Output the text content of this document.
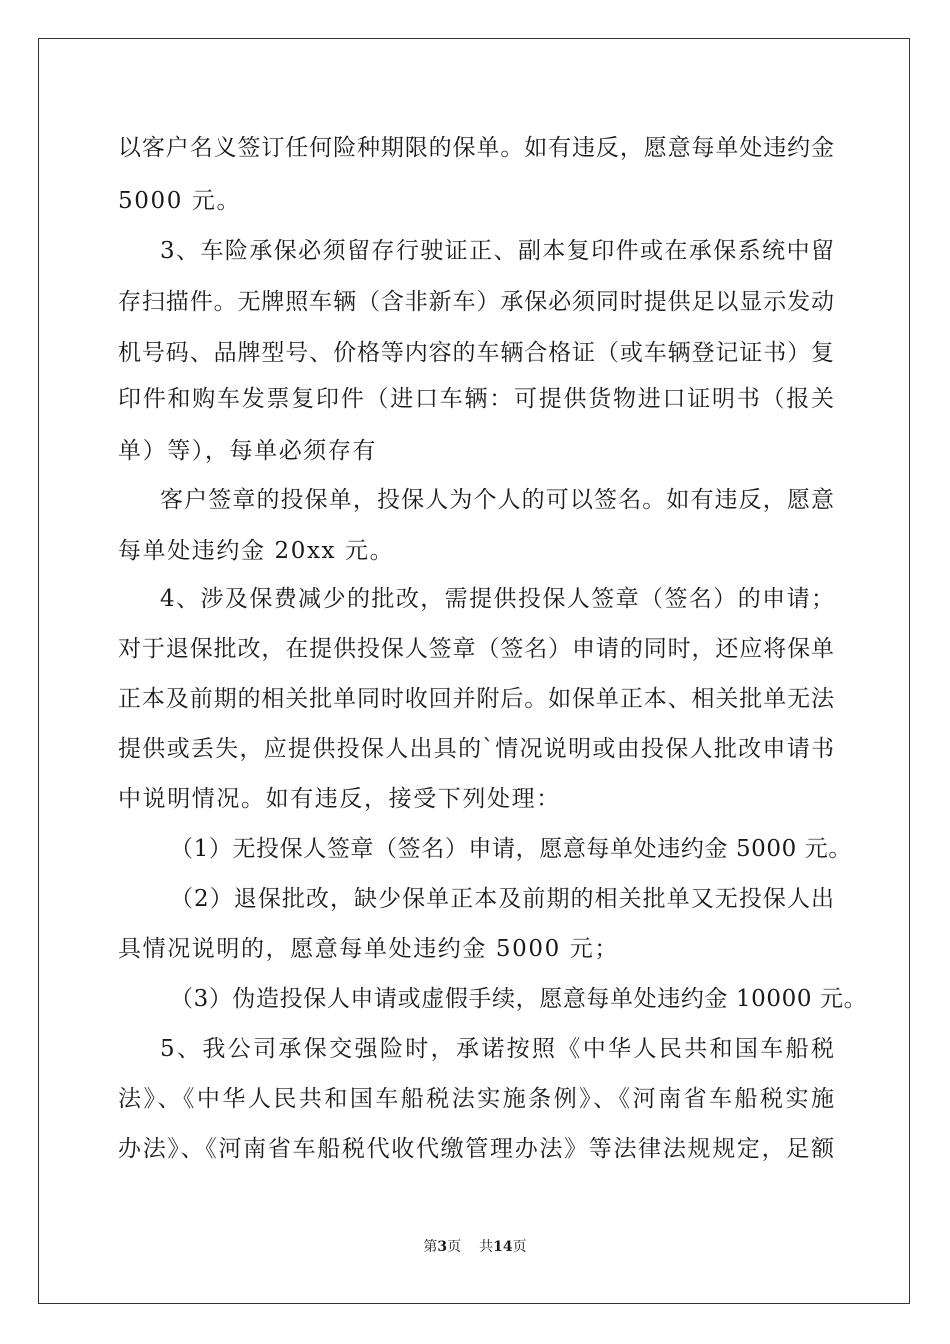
以客户名义签订任何险种期限的保单。如有违反，愿意每单处违约金
5000 元。
3、车险承保必须留存行驶证正、副本复印件或在承保系统中留
存扫描件。无牌照车辆（含非新车）承保必须同时提供足以显示发动
机号码、品牌型号、价格等内容的车辆合格证（或车辆登记证书）复
印件和购车发票复印件（进口车辆：可提供货物进口证明书（报关
单）等），每单必须存有
客户签章的投保单，投保人为个人的可以签名。如有违反，愿意
每单处违约金 20xx 元。
4、涉及保费减少的批改，需提供投保人签章（签名）的申请；
对于退保批改，在提供投保人签章（签名）申请的同时，还应将保单
正本及前期的相关批单同时收回并附后。如保单正本、相关批单无法
提供或丢失，应提供投保人出具的`情况说明或由投保人批改申请书
中说明情况。如有违反，接受下列处理：
（1）无投保人签章（签名）申请，愿意每单处违约金 5000 元。
（2）退保批改，缺少保单正本及前期的相关批单又无投保人出
具情况说明的，愿意每单处违约金 5000 元；
（3）伪造投保人申请或虚假手续，愿意每单处违约金 10000 元。
5、我公司承保交强险时，承诺按照《中华人民共和国车船税
法》、《中华人民共和国车船税法实施条例》、《河南省车船税实施
办法》、《河南省车船税代收代缴管理办法》等法律法规规定，足额
第3页 共14页
